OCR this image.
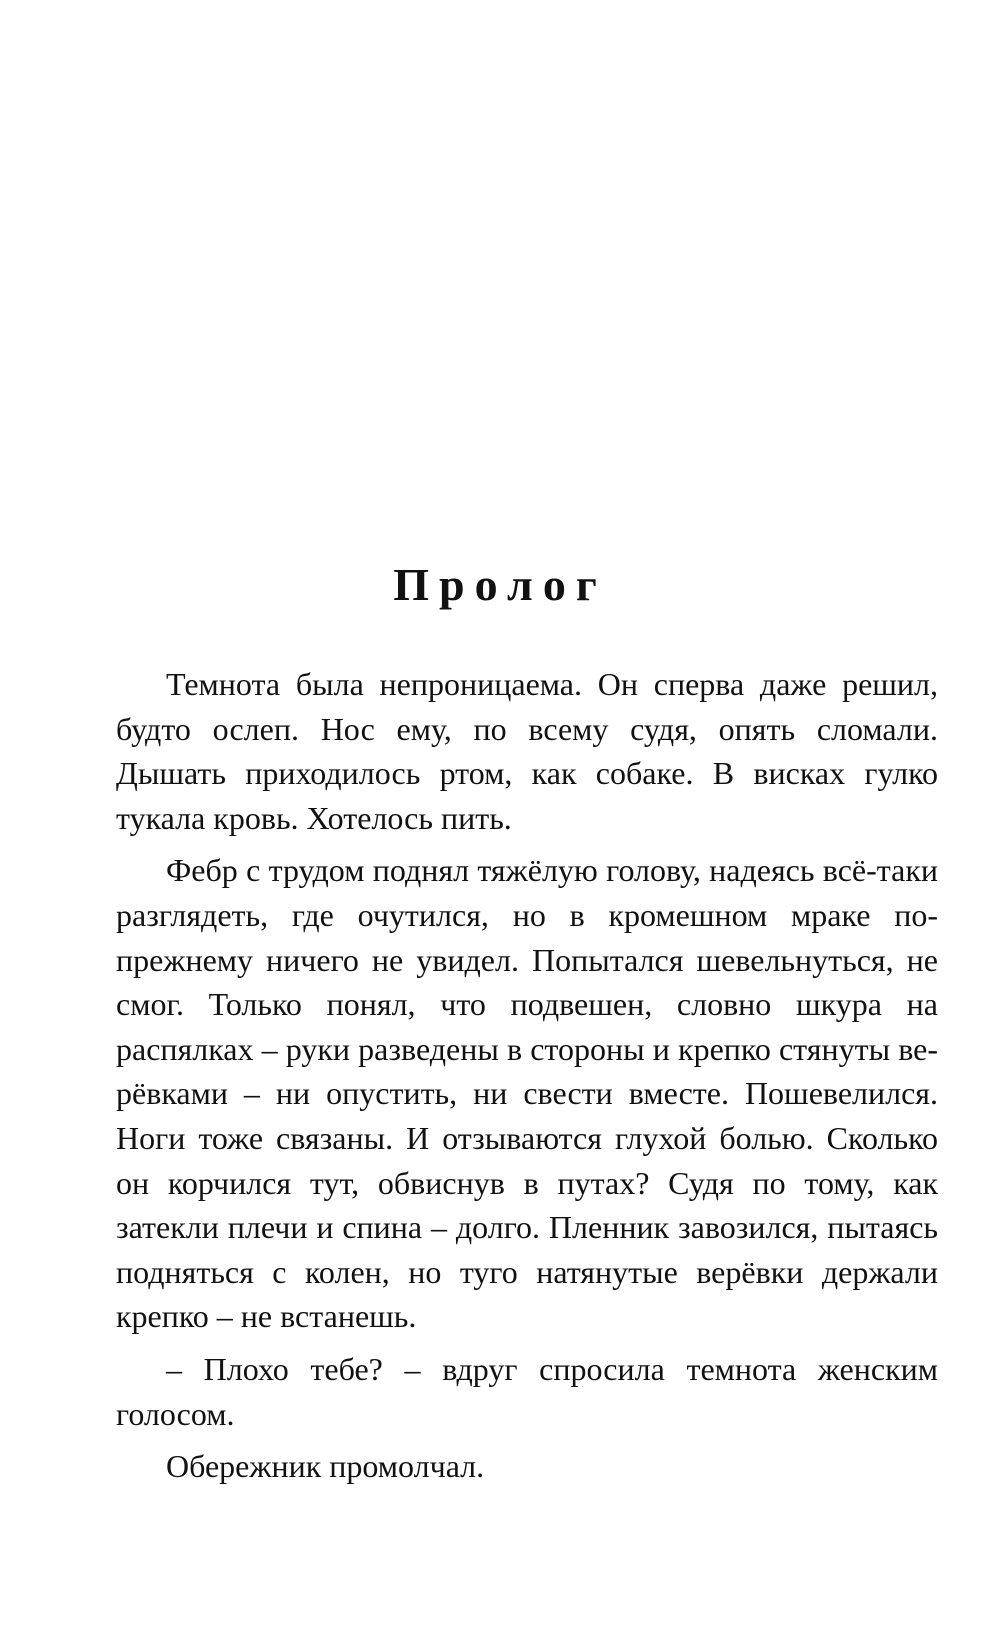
Пролог

Темнота была непроницаема. Он сперва даже решил, будто ослеп. Нос ему, по всему судя, опять сломали. Дышать приходилось ртом, как собаке. В висках гулко тукала кровь. Хотелось пить.

Фебр с трудом поднял тяжёлую голову, надеясь всё-таки разглядеть, где очутился, но в кромешном мраке по-прежнему ничего не увидел. Попытался шевельнуться, не смог. Только понял, что подвешен, словно шкура на распялках – руки разведены в стороны и крепко стянуты верёвками – ни опустить, ни свести вместе. Пошевелился. Ноги тоже связаны. И отзываются глухой болью. Сколько он корчился тут, обвиснув в путах? Судя по тому, как затекли плечи и спина – долго. Пленник завозился, пытаясь подняться с колен, но туго натянутые верёвки держали крепко – не встанешь.

– Плохо тебе? – вдруг спросила темнота женским голосом.

Обережник промолчал.
